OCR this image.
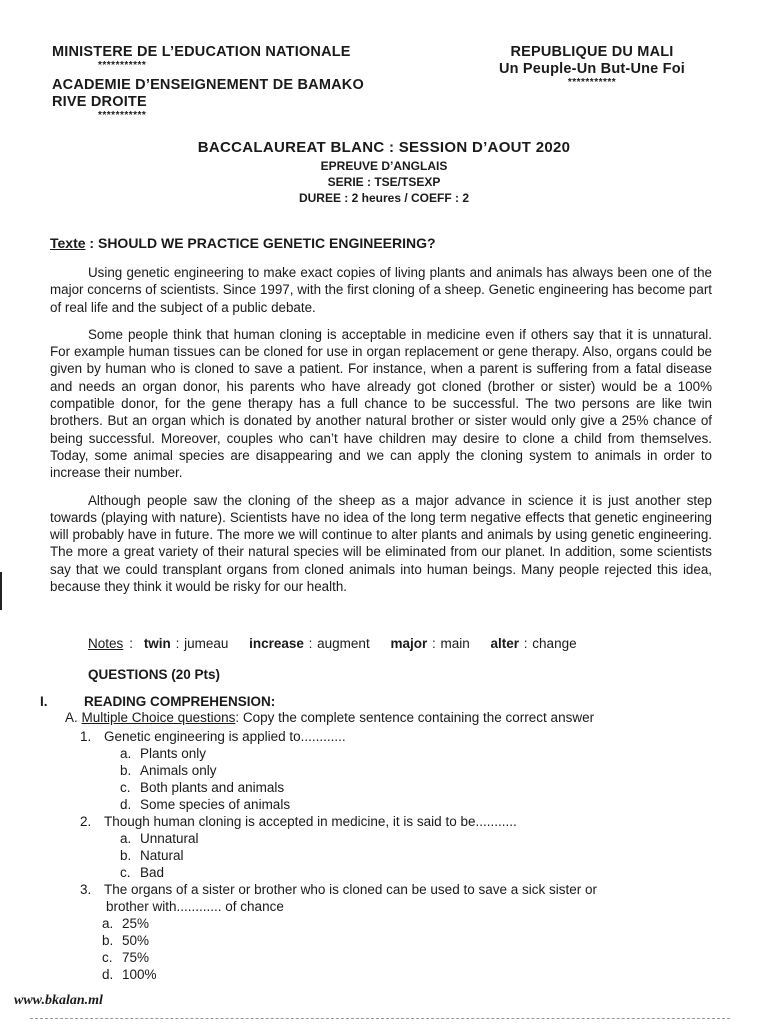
MINISTERE DE L’EDUCATION NATIONALE
***********
ACADEMIE D’ENSEIGNEMENT DE BAMAKO
RIVE DROITE
***********
REPUBLIQUE DU MALI
Un Peuple-Un But-Une Foi
***********
BACCALAUREAT BLANC : SESSION D’AOUT 2020
EPREUVE D’ANGLAIS
SERIE : TSE/TSEXP
DUREE : 2 heures / COEFF : 2
Texte : SHOULD WE PRACTICE GENETIC ENGINEERING?

Using genetic engineering to make exact copies of living plants and animals has always been one of the major concerns of scientists. Since 1997, with the first cloning of a sheep. Genetic engineering has become part of real life and the subject of a public debate.

Some people think that human cloning is acceptable in medicine even if others say that it is unnatural. For example human tissues can be cloned for use in organ replacement or gene therapy. Also, organs could be given by human who is cloned to save a patient. For instance, when a parent is suffering from a fatal disease and needs an organ donor, his parents who have already got cloned (brother or sister) would be a 100% compatible donor, for the gene therapy has a full chance to be successful. The two persons are like twin brothers. But an organ which is donated by another natural brother or sister would only give a 25% chance of being successful. Moreover, couples who can’t have children may desire to clone a child from themselves. Today, some animal species are disappearing and we can apply the cloning system to animals in order to increase their number.

Although people saw the cloning of the sheep as a major advance in science it is just another step towards (playing with nature). Scientists have no idea of the long term negative effects that genetic engineering will probably have in future. The more we will continue to alter plants and animals by using genetic engineering. The more a great variety of their natural species will be eliminated from our planet. In addition, some scientists say that we could transplant organs from cloned animals into human beings. Many people rejected this idea, because they think it would be risky for our health.

Notes : twin : jumeau increase : augment major : main alter : change
QUESTIONS (20 Pts)
I.	READING COMPREHENSION:
A. Multiple Choice questions: Copy the complete sentence containing the correct answer
1. Genetic engineering is applied to............
a. Plants only
b. Animals only
c. Both plants and animals
d. Some species of animals
2. Though human cloning is accepted in medicine, it is said to be...........
a. Unnatural
b. Natural
c. Bad
3. The organs of a sister or brother who is cloned can be used to save a sick sister or
brother with............ of chance
a. 25%
b. 50%
c. 75%
d. 100%
www.bkalan.ml
